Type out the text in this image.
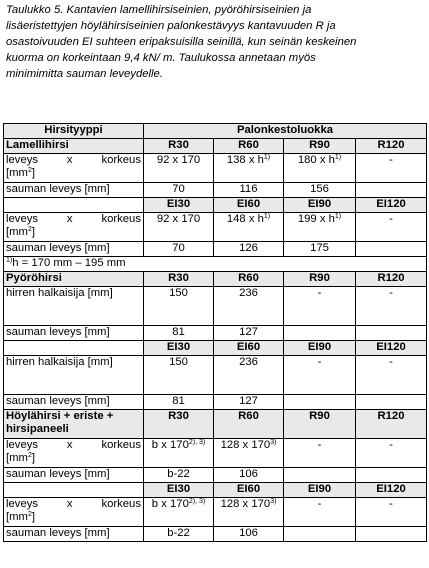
Taulukko 5. Kantavien lamellihirsiseinien, pyöröhirsiseinien ja
lisäeristettyjen höylähirsiseinien palonkestävyys kantavuuden R ja
osastoivuuden EI suhteen eripaksuisilla seinillä, kun seinän keskeinen
kuorma on korkeintaan 9,4 kN/ m. Taulukossa annetaan myös
minimimitta sauman leveydelle.
Hirsityyppi	Palonkestoluokka			
Lamellihirsi	R30	R60	R90	R120

leveys x korkeus
$[mm^2]$	92 x 170	138 x $h^{1)}$	180 x $h^{1)}$	-
sauman leveys [mm]	70	116	156	
	EI30	EI60	EI90	EI120

leveys x korkeus
$[mm^2]$	92 x 170	148 x $h^{1)}$	199 x $h^{1)}$	-
sauman leveys [mm]	70	126	175	
$^{1)}$h = 170 mm – 195 mm				
Pyöröhirsi	R30	R60	R90	R120
hirren halkaisija [mm]	150	236	-	-
sauman leveys [mm]	81	127		
	EI30	EI60	EI90	EI120
hirren halkaisija [mm]	150	236	-	-
sauman leveys [mm]	81	127		

Höylähirsi + eriste +
hirsipaneeli	R30	R60	R90	R120

leveys x korkeus
$[mm^2]$	b x $170^{2), 3)}$	128 x 170$^{3)}$	-	-
sauman leveys [mm]	b-22	106		
	EI30	EI60	EI90	EI120

leveys x korkeus
$[mm^2]$	b x $170^{2), 3)}$	128 x 170$^{3)}$	-	-
sauman leveys [mm]	b-22	106		
